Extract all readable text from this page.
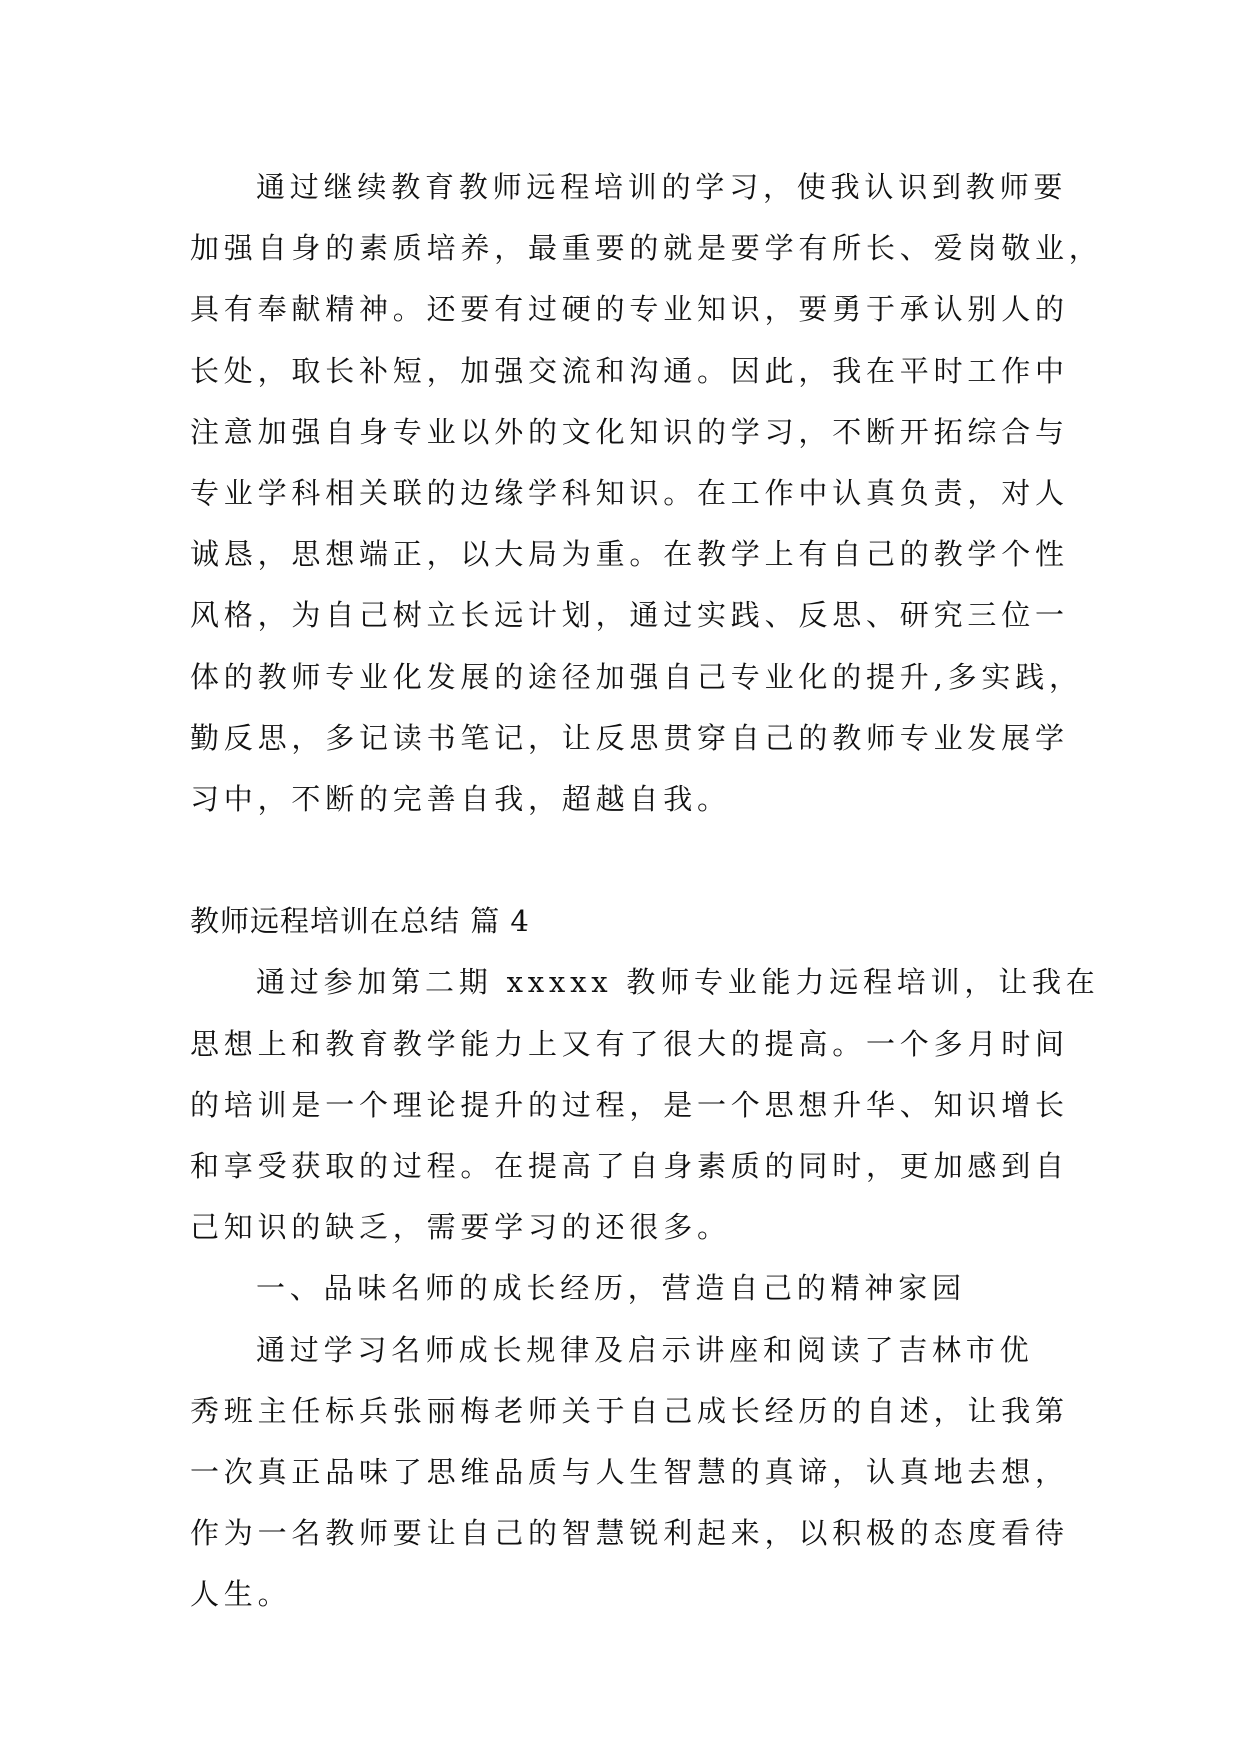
通过继续教育教师远程培训的学习，使我认识到教师要

加强自身的素质培养，最重要的就是要学有所长、爱岗敬业，

具有奉献精神。还要有过硬的专业知识，要勇于承认别人的

长处，取长补短，加强交流和沟通。因此，我在平时工作中

注意加强自身专业以外的文化知识的学习，不断开拓综合与

专业学科相关联的边缘学科知识。在工作中认真负责，对人

诚恳，思想端正，以大局为重。在教学上有自己的教学个性

风格，为自己树立长远计划，通过实践、反思、研究三位一

体的教师专业化发展的途径加强自己专业化的提升,多实践，

勤反思，多记读书笔记，让反思贯穿自己的教师专业发展学

习中，不断的完善自我，超越自我。

教师远程培训在总结 篇 4

通过参加第二期 xxxxx 教师专业能力远程培训，让我在

思想上和教育教学能力上又有了很大的提高。一个多月时间

的培训是一个理论提升的过程，是一个思想升华、知识增长

和享受获取的过程。在提高了自身素质的同时，更加感到自

己知识的缺乏，需要学习的还很多。

一、品味名师的成长经历，营造自己的精神家园

通过学习名师成长规律及启示讲座和阅读了吉林市优

秀班主任标兵张丽梅老师关于自己成长经历的自述，让我第

一次真正品味了思维品质与人生智慧的真谛，认真地去想，

作为一名教师要让自己的智慧锐利起来，以积极的态度看待

人生。
